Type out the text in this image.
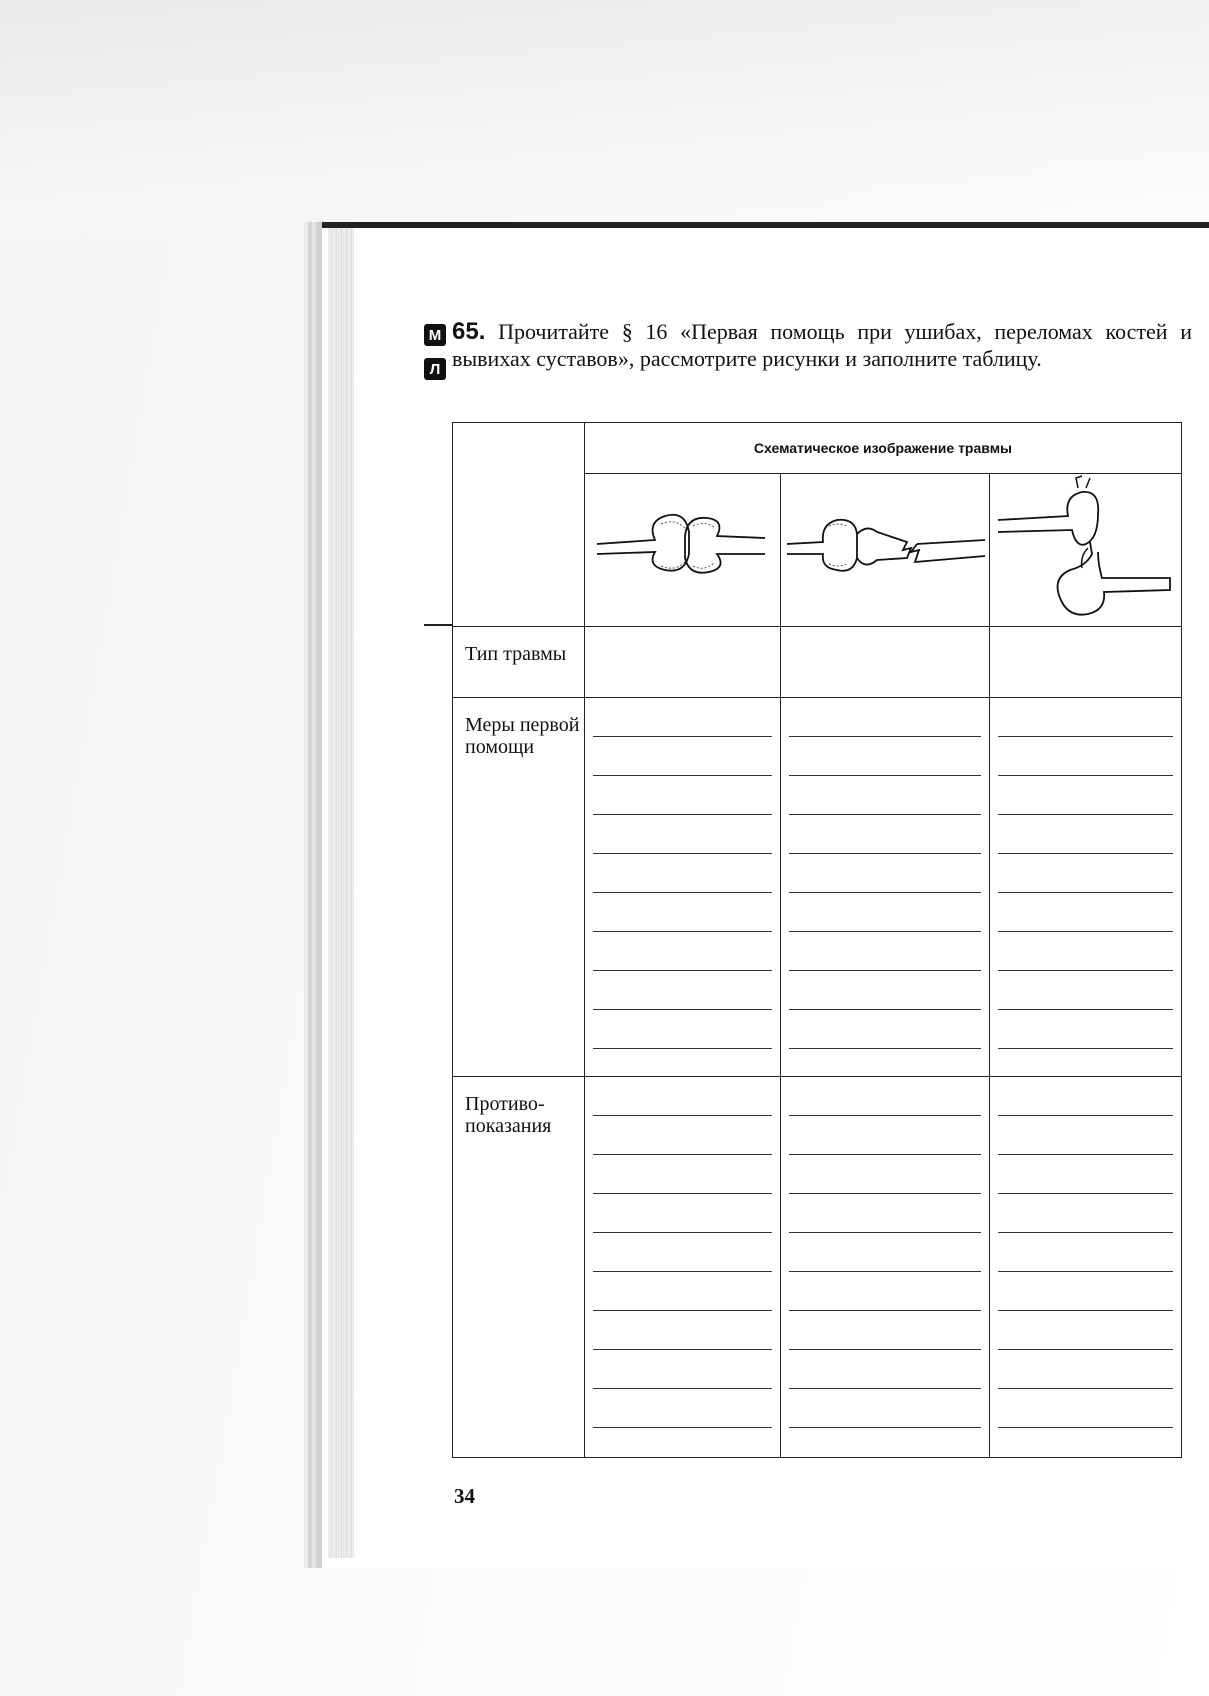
М
Л
65. Прочитайте § 16 «Первая помощь при ушибах, переломах костей и вывихах суставов», рассмотрите рисунки и заполните таблицу.
	Схематическое изображение травмы		

Тип травмы			

Меры первой помощи			

Противопоказания			

34
